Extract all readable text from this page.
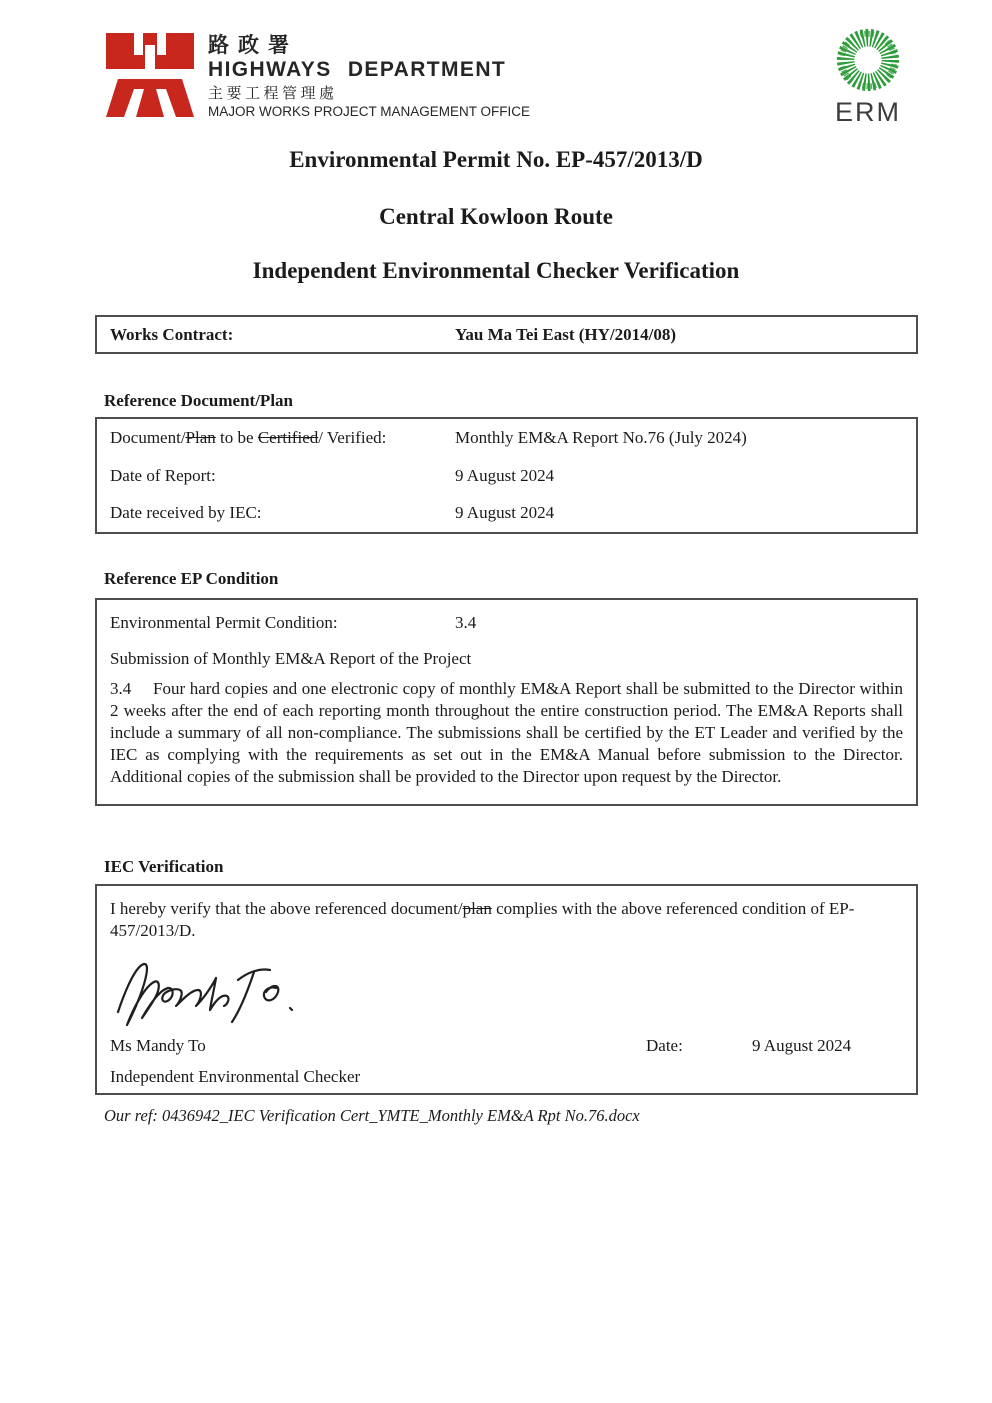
路政署
HIGHWAYS DEPARTMENT
主要工程管理處
MAJOR WORKS PROJECT MANAGEMENT OFFICE	ERM
Environmental Permit No. EP-457/2013/D
Central Kowloon Route
Independent Environmental Checker Verification
Works Contract:	Yau Ma Tei East (HY/2014/08)
Reference Document/Plan
Document/Plan to be Certified/ Verified:	Monthly EM&A Report No.76 (July 2024)
Date of Report:	9 August 2024
Date received by IEC:	9 August 2024
Reference EP Condition
Environmental Permit Condition:	3.4
Submission of Monthly EM&A Report of the Project
3.4 Four hard copies and one electronic copy of monthly EM&A Report shall be submitted to the Director within 2 weeks after the end of each reporting month throughout the entire construction period. The EM&A Reports shall include a summary of all non-compliance. The submissions shall be certified by the ET Leader and verified by the IEC as complying with the requirements as set out in the EM&A Manual before submission to the Director. Additional copies of the submission shall be provided to the Director upon request by the Director.
IEC Verification
I hereby verify that the above referenced document/plan complies with the above referenced condition of EP-457/2013/D.
Ms Mandy To	Date:	9 August 2024
Independent Environmental Checker
Our ref: 0436942_IEC Verification Cert_YMTE_Monthly EM&A Rpt No.76.docx
